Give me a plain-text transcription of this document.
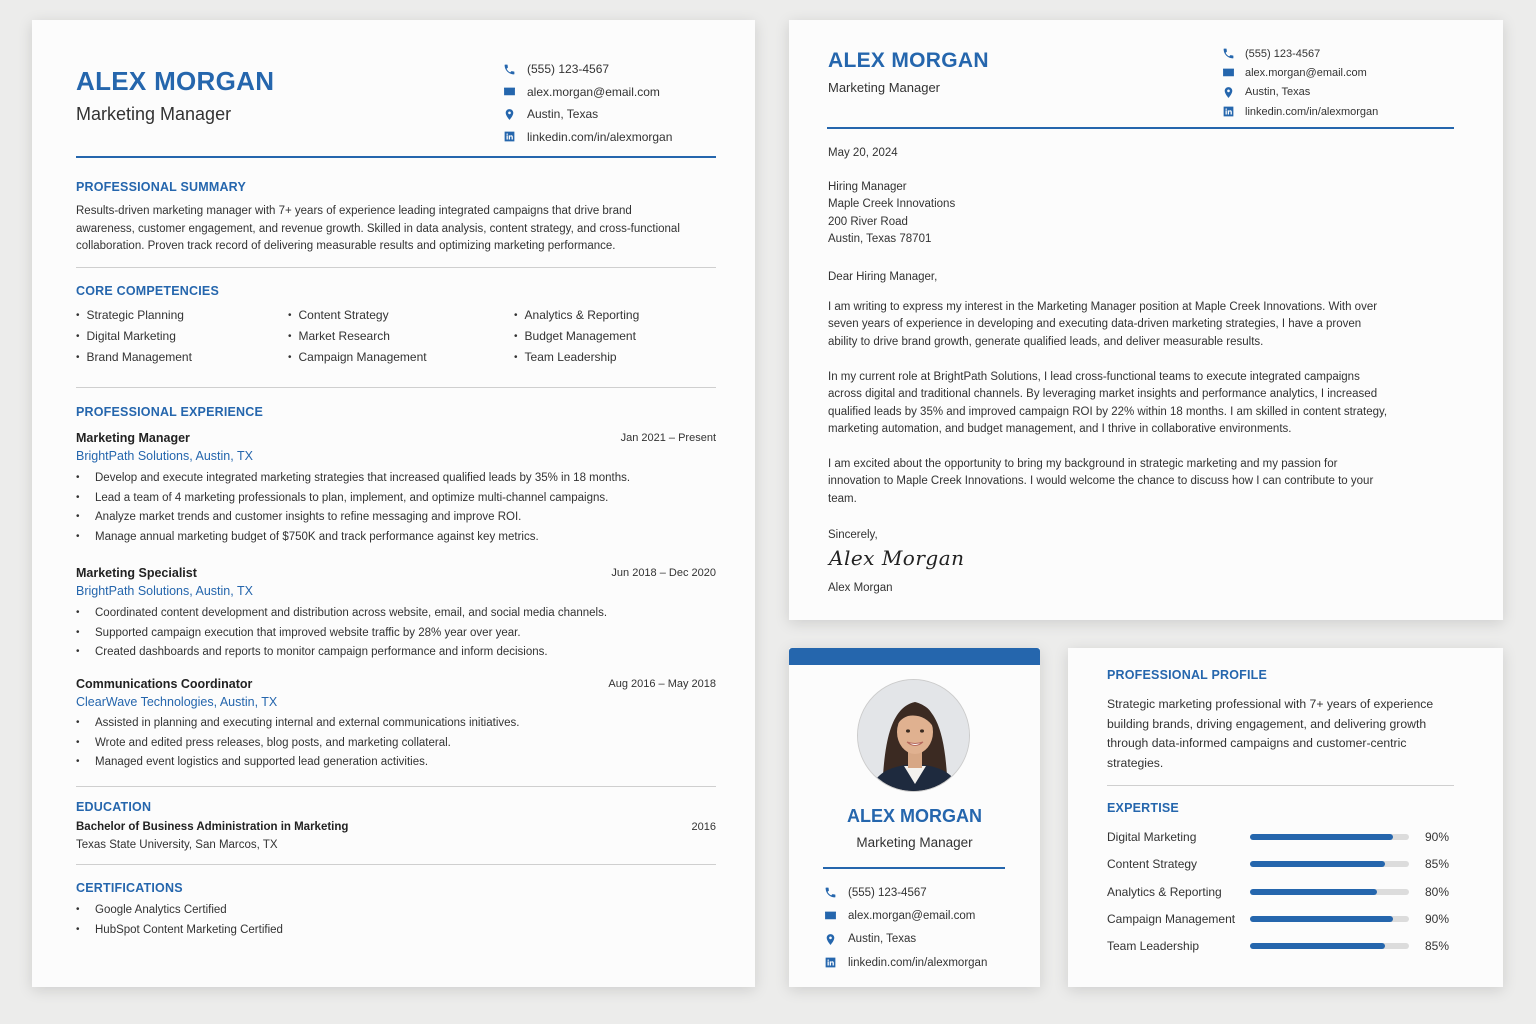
ALEX MORGAN
Marketing Manager
(555) 123-4567
alex.morgan@email.com
Austin, Texas
linkedin.com/in/alexmorgan
PROFESSIONAL SUMMARY
Results-driven marketing manager with 7+ years of experience leading integrated campaigns that drive brand
awareness, customer engagement, and revenue growth. Skilled in data analysis, content strategy, and cross-functional
collaboration. Proven track record of delivering measurable results and optimizing marketing performance.
CORE COMPETENCIES
• Strategic Planning
• Digital Marketing
• Brand Management
• Content Strategy
• Market Research
• Campaign Management
• Analytics & Reporting
• Budget Management
• Team Leadership
PROFESSIONAL EXPERIENCE
Marketing Manager	Jan 2021 – Present
BrightPath Solutions, Austin, TX
• Develop and execute integrated marketing strategies that increased qualified leads by 35% in 18 months.
• Lead a team of 4 marketing professionals to plan, implement, and optimize multi-channel campaigns.
• Analyze market trends and customer insights to refine messaging and improve ROI.
• Manage annual marketing budget of $750K and track performance against key metrics.
Marketing Specialist	Jun 2018 – Dec 2020
BrightPath Solutions, Austin, TX
• Coordinated content development and distribution across website, email, and social media channels.
• Supported campaign execution that improved website traffic by 28% year over year.
• Created dashboards and reports to monitor campaign performance and inform decisions.
Communications Coordinator	Aug 2016 – May 2018
ClearWave Technologies, Austin, TX
• Assisted in planning and executing internal and external communications initiatives.
• Wrote and edited press releases, blog posts, and marketing collateral.
• Managed event logistics and supported lead generation activities.
EDUCATION
Bachelor of Business Administration in Marketing	2016
Texas State University, San Marcos, TX
CERTIFICATIONS
• Google Analytics Certified
• HubSpot Content Marketing Certified
ALEX MORGAN
Marketing Manager
(555) 123-4567
alex.morgan@email.com
Austin, Texas
linkedin.com/in/alexmorgan
May 20, 2024
Hiring Manager
Maple Creek Innovations
200 River Road
Austin, Texas 78701
Dear Hiring Manager,
I am writing to express my interest in the Marketing Manager position at Maple Creek Innovations. With over
seven years of experience in developing and executing data-driven marketing strategies, I have a proven
ability to drive brand growth, generate qualified leads, and deliver measurable results.
In my current role at BrightPath Solutions, I lead cross-functional teams to execute integrated campaigns
across digital and traditional channels. By leveraging market insights and performance analytics, I increased
qualified leads by 35% and improved campaign ROI by 22% within 18 months. I am skilled in content strategy,
marketing automation, and budget management, and I thrive in collaborative environments.
I am excited about the opportunity to bring my background in strategic marketing and my passion for
innovation to Maple Creek Innovations. I would welcome the chance to discuss how I can contribute to your
team.
Sincerely,
Alex Morgan
Alex Morgan
ALEX MORGAN
Marketing Manager
(555) 123-4567
alex.morgan@email.com
Austin, Texas
linkedin.com/in/alexmorgan
PROFESSIONAL PROFILE
Strategic marketing professional with 7+ years of experience
building brands, driving engagement, and delivering growth
through data-informed campaigns and customer-centric
strategies.
EXPERTISE
Digital Marketing	90%
Content Strategy	85%
Analytics & Reporting	80%
Campaign Management	90%
Team Leadership	85%
